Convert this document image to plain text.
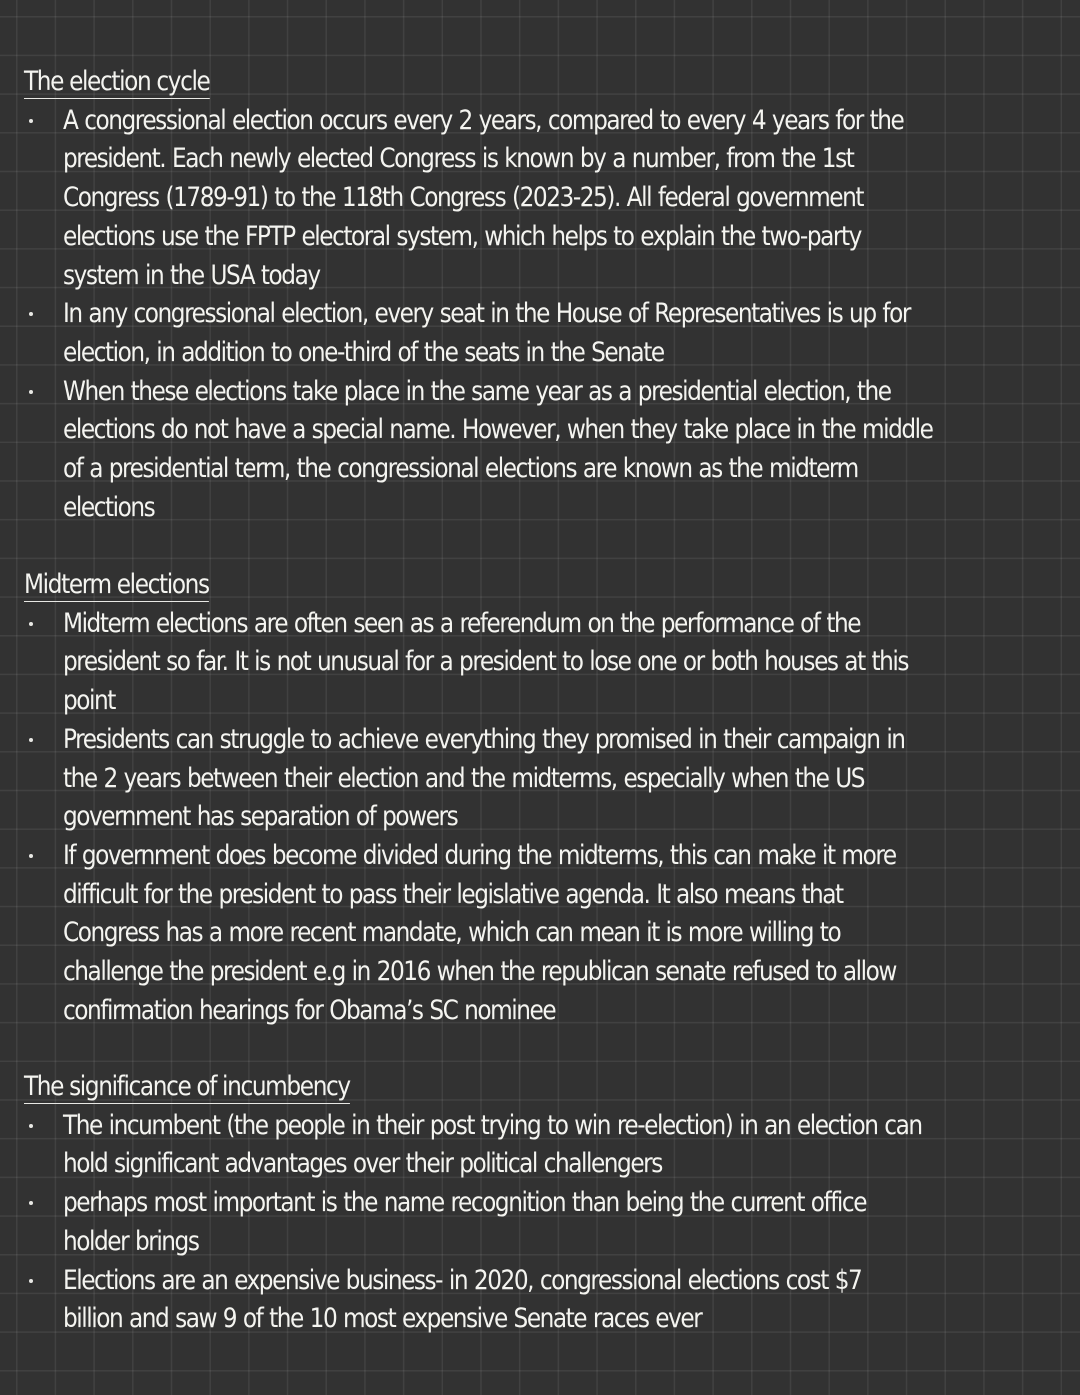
The election cycle
A congressional election occurs every 2 years, compared to every 4 years for the
president. Each newly elected Congress is known by a number, from the 1st
Congress (1789-91) to the 118th Congress (2023-25). All federal government
elections use the FPTP electoral system, which helps to explain the two-party
system in the USA today
In any congressional election, every seat in the House of Representatives is up for
election, in addition to one-third of the seats in the Senate
When these elections take place in the same year as a presidential election, the
elections do not have a special name. However, when they take place in the middle
of a presidential term, the congressional elections are known as the midterm
elections
Midterm elections
Midterm elections are often seen as a referendum on the performance of the
president so far. It is not unusual for a president to lose one or both houses at this
point
Presidents can struggle to achieve everything they promised in their campaign in
the 2 years between their election and the midterms, especially when the US
government has separation of powers
If government does become divided during the midterms, this can make it more
difficult for the president to pass their legislative agenda. It also means that
Congress has a more recent mandate, which can mean it is more willing to
challenge the president e.g in 2016 when the republican senate refused to allow
confirmation hearings for Obama’s SC nominee
The significance of incumbency
The incumbent (the people in their post trying to win re-election) in an election can
hold significant advantages over their political challengers
perhaps most important is the name recognition than being the current office
holder brings
Elections are an expensive business- in 2020, congressional elections cost $7
billion and saw 9 of the 10 most expensive Senate races ever
